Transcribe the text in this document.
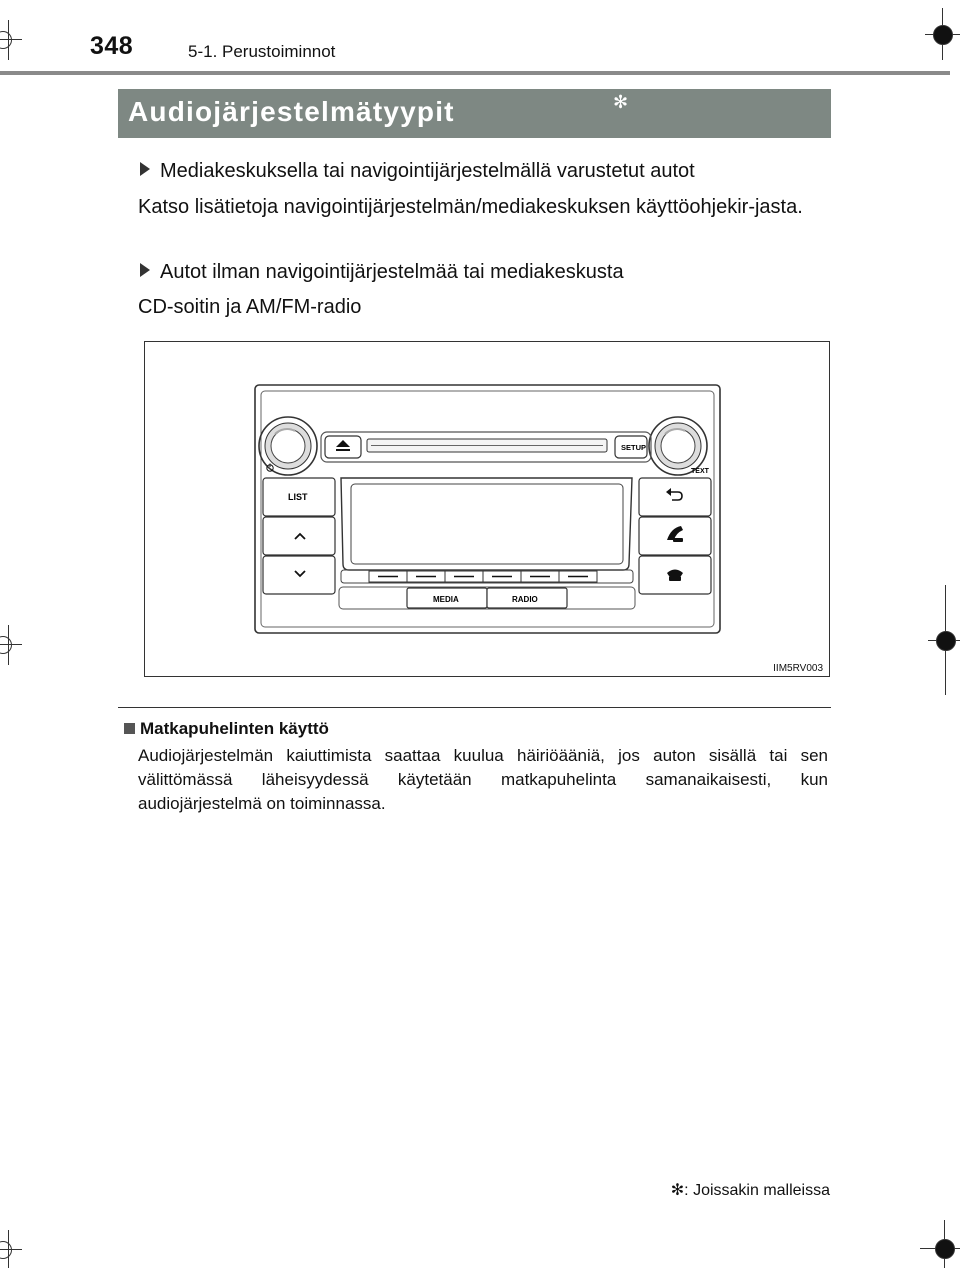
348	5-1. Perustoiminnot
Audiojärjestelmätyypit	✻
Mediakeskuksella tai navigointijärjestelmällä varustetut autot
Katso lisätietoja navigointijärjestelmän/mediakeskuksen käyttöohjekir-jasta.
Autot ilman navigointijärjestelmää tai mediakeskusta
CD-soitin ja AM/FM-radio
TEXT
SETUP
LIST
MEDIA	RADIO
IIM5RV003
Matkapuhelinten käyttö
Audiojärjestelmän kaiuttimista saattaa kuulua häiriöääniä, jos auton sisällä tai sen välittömässä läheisyydessä käytetään matkapuhelinta samanaikaisesti, kun audiojärjestelmä on toiminnassa.
✻: Joissakin malleissa
